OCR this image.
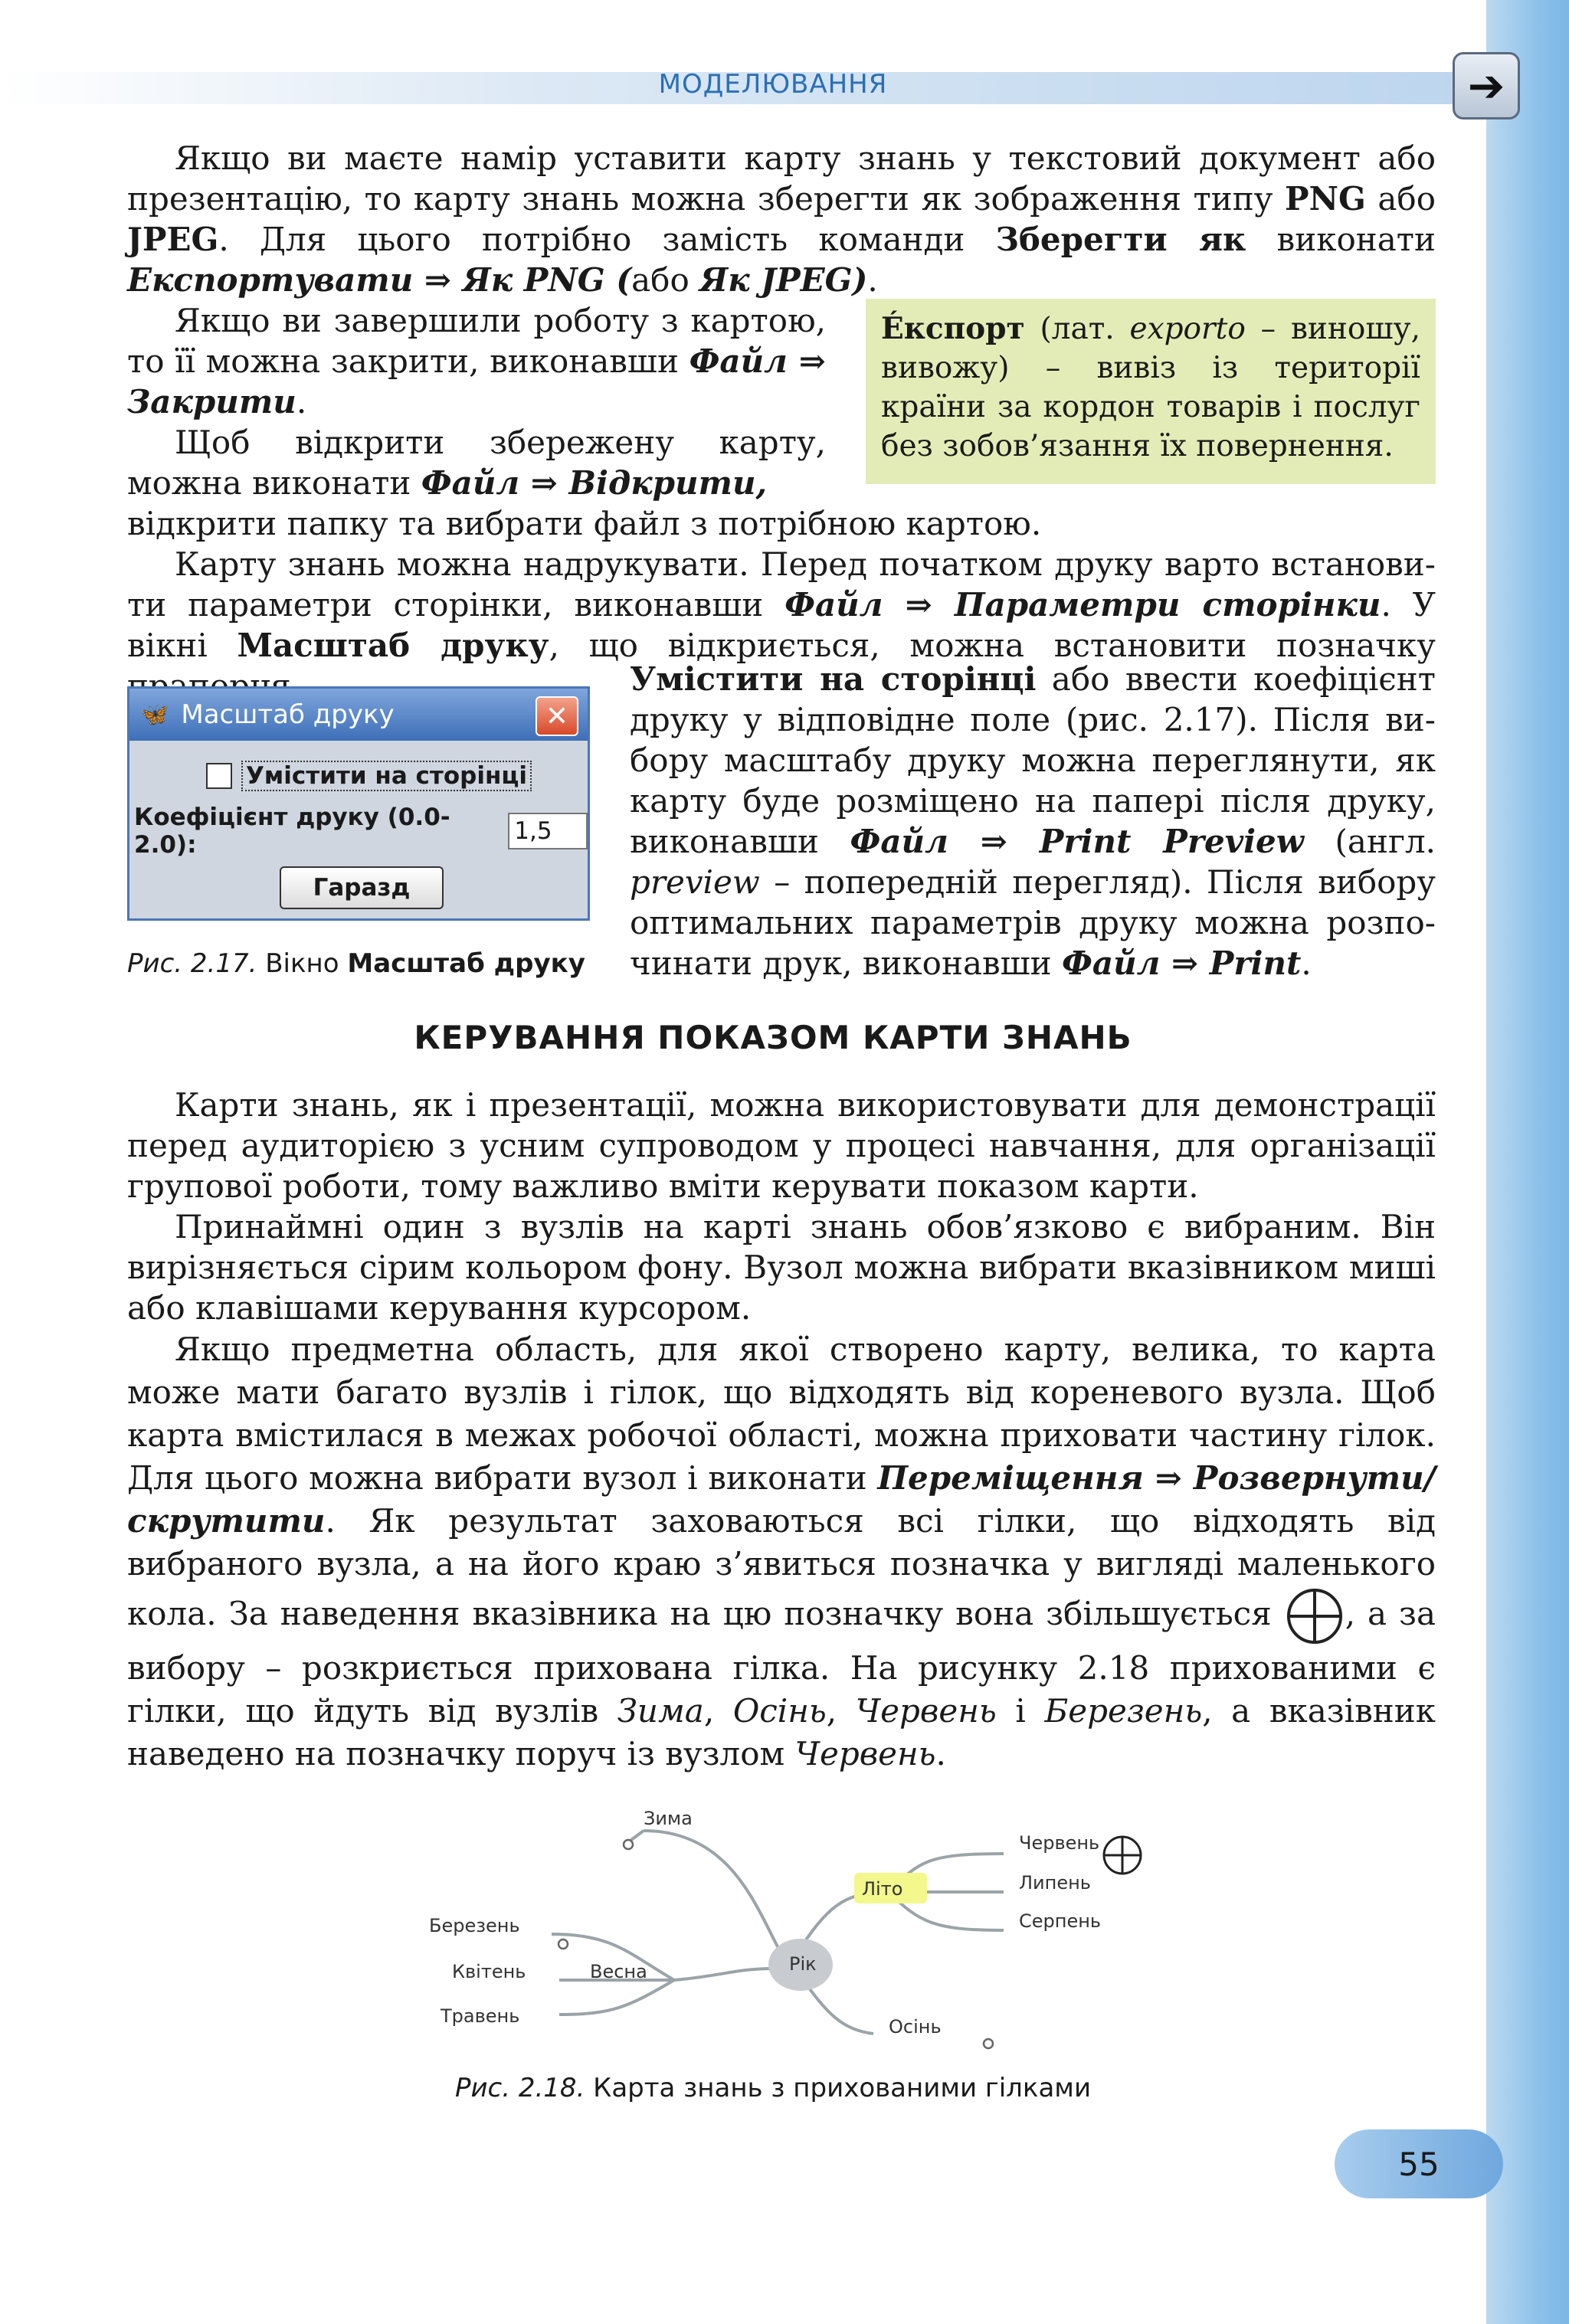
МОДЕЛЮВАННЯ	➔

Якщо ви маєте намір уставити карту знань у текстовий документ або презентацію, то карту знань можна зберегти як зображення типу PNG або JPEG. Для цього потрібно замість команди Зберегти як виконати Експортувати ⇒ Як PNG (або Як JPEG).

Якщо ви завершили роботу з картою, то її можна закрити, виконавши Файл ⇒ Закрити.

Éкспорт (лат. exporto – виношу, вивожу) – вивіз із території країни за кордон товарів і послуг без зобов’язання їх повернення.

Щоб відкрити збережену карту, можна виконати Файл ⇒ Відкрити,

відкрити папку та вибрати файл з потрібною картою.

Карту знань можна надрукувати. Перед початком друку варто встановити параметри сторінки, виконавши Файл ⇒ Параметри сторінки. У вікні Масштаб друку, що відкриється, можна встановити позначку

🦋 Масштаб друку	✕
Умістити на сторінці
Коефіцієнт друку (0.0-2.0):	1,5
Гаразд
Рис. 2.17. Вікно Масштаб друку
Умістити на сторінці або ввести коефіцієнт друку у відповідне поле (рис. 2.17). Після вибору масштабу друку можна переглянути, як карту буде розміщено на папері після друку, виконавши Файл ⇒ Print Preview (англ. preview – попередній перегляд). Після вибору оптимальних параметрів друку можна розпочинати друк, виконавши Файл ⇒ Print.
КЕРУВАННЯ ПОКАЗОМ КАРТИ ЗНАНЬ

Карти знань, як і презентації, можна використовувати для демонстрації перед аудиторією з усним супроводом у процесі навчання, для організації групової роботи, тому важливо вміти керувати показом карти.

Принаймні один з вузлів на карті знань обов’язково є вибраним. Він вирізняється сірим кольором фону. Вузол можна вибрати вказівником миші або клавішами керування курсором.

Якщо предметна область, для якої створено карту, велика, то карта може мати багато вузлів і гілок, що відходять від кореневого вузла. Щоб карта вмістилася в межах робочої області, можна приховати частину гілок. Для цього можна вибрати вузол і виконати Переміщення ⇒ Розвернути/скрутити. Як результат заховаються всі гілки, що відходять від вибраного вузла, а на його краю з’явиться позначка у вигляді маленького кола. За наведення вказівника на цю позначку вона збільшується , а за вибору – розкриється прихована гілка. На рисунку 2.18 прихованими є гілки, що йдуть від вузлів Зима, Осінь, Червень і Березень, а вказівник наведено на позначку поруч із вузлом Червень.

Рік
Зима
Літо
Червень
Липень
Серпень
Березень
Квітень	Весна
Травень	Осінь
Рис. 2.18. Карта знань з прихованими гілками
55
